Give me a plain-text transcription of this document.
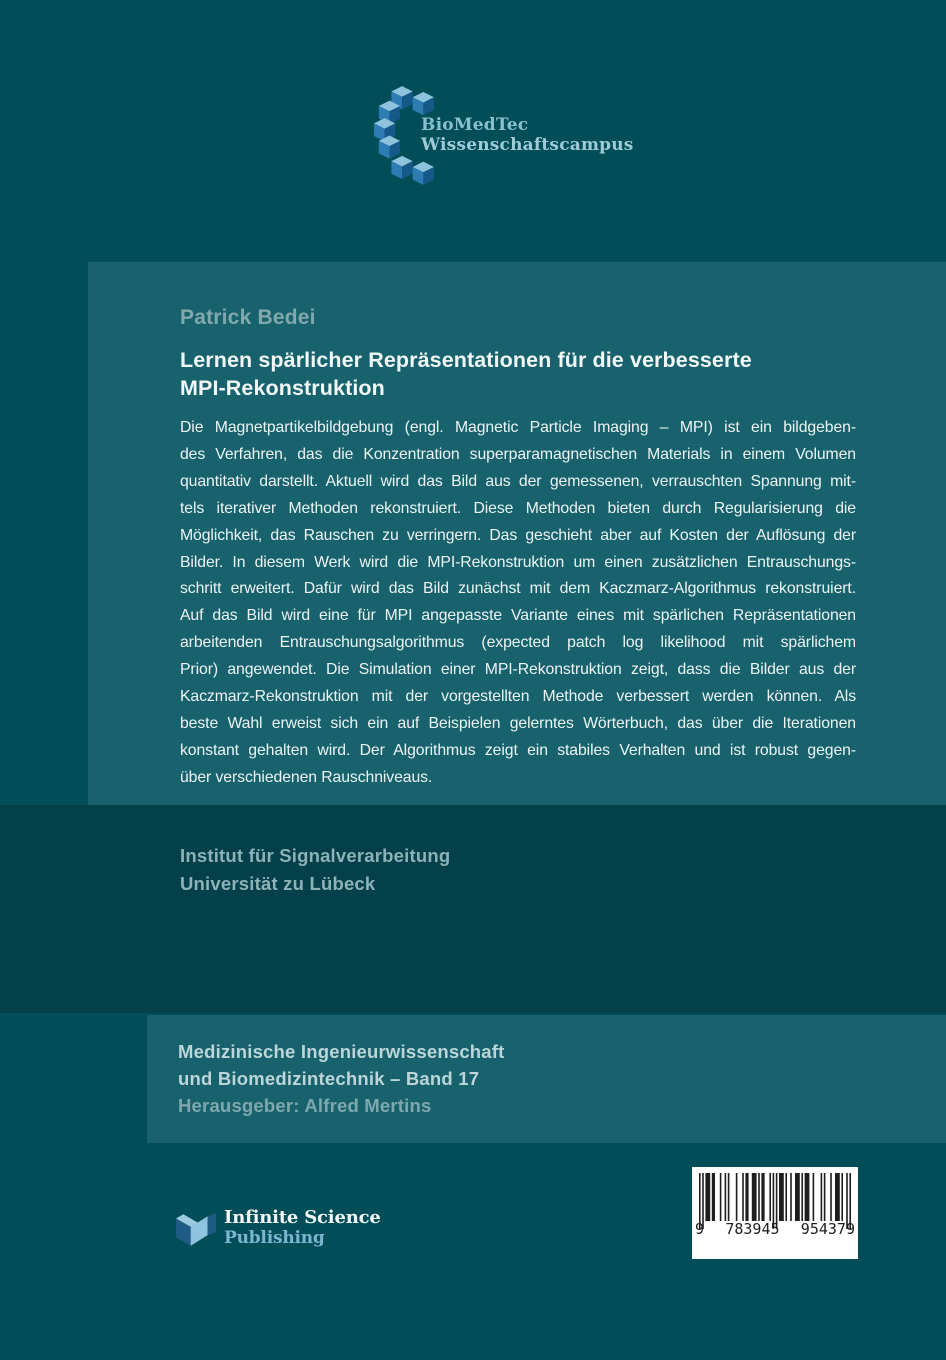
BioMedTec
Wissenschaftscampus
Patrick Bedei
Lernen spärlicher Repräsentationen für die verbesserte
MPI-Rekonstruktion
Die Magnetpartikelbildgebung (engl. Magnetic Particle Imaging – MPI) ist ein bildgeben-
des Verfahren, das die Konzentration superparamagnetischen Materials in einem Volumen
quantitativ darstellt. Aktuell wird das Bild aus der gemessenen, verrauschten Spannung mit-
tels iterativer Methoden rekonstruiert. Diese Methoden bieten durch Regularisierung die
Möglichkeit, das Rauschen zu verringern. Das geschieht aber auf Kosten der Auflösung der
Bilder. In diesem Werk wird die MPI-Rekonstruktion um einen zusätzlichen Entrauschungs-
schritt erweitert. Dafür wird das Bild zunächst mit dem Kaczmarz-Algorithmus rekonstruiert.
Auf das Bild wird eine für MPI angepasste Variante eines mit spärlichen Repräsentationen
arbeitenden Entrauschungsalgorithmus (expected patch log likelihood mit spärlichem
Prior) angewendet. Die Simulation einer MPI-Rekonstruktion zeigt, dass die Bilder aus der
Kaczmarz-Rekonstruktion mit der vorgestellten Methode verbessert werden können. Als
beste Wahl erweist sich ein auf Beispielen gelerntes Wörterbuch, das über die Iterationen
konstant gehalten wird. Der Algorithmus zeigt ein stabiles Verhalten und ist robust gegen-
über verschiedenen Rauschniveaus.
Institut für Signalverarbeitung
Universität zu Lübeck
Medizinische Ingenieurwissenschaft
und Biomedizintechnik – Band 17
Herausgeber: Alfred Mertins
Infinite Science
Publishing	9 783945 954379
